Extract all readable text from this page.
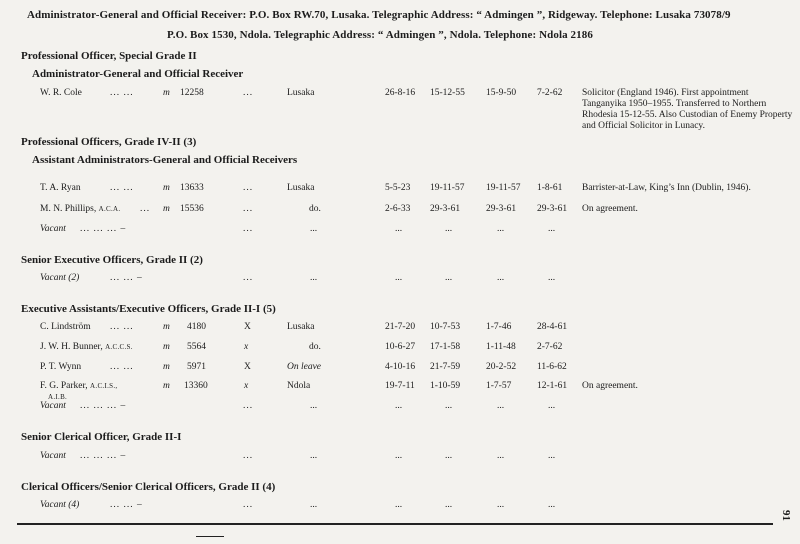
Administrator-General and Official Receiver: P.O. Box RW.70, Lusaka. Telegraphic Address: “ Admingen ”, Ridgeway. Telephone: Lusaka 73078/9
P.O. Box 1530, Ndola. Telegraphic Address: “ Admingen ”, Ndola. Telephone: Ndola 2186
Professional Officer, Special Grade II
Administrator-General and Official Receiver
W. R. Cole	... ...	m 12258	...	Lusaka	26-8-16 15-12-55 15-9-50 7-2-62 Solicitor (England 1946). First appointment Tanganyika 1950–1955. Transferred to Northern Rhodesia 15-12-55. Also Custodian of Enemy Property and Official Solicitor in Lunacy.
Professional Officers, Grade IV-II (3)
Assistant Administrators-General and Official Receivers
T. A. Ryan	... ...	m 13633	...	Lusaka	5-5-23 19-11-57 19-11-57 1-8-61 Barrister-at-Law, King’s Inn (Dublin, 1946).
M. N. Phillips, A.C.A. ... m 15536	...	do.	2-6-33 29-3-61	29-3-61 29-3-61 On agreement.
Vacant ... ... ... –	...	...	...	...	...	...
Senior Executive Officers, Grade II (2)
Vacant (2)	... ... –	...	...	...	...	...	...
Executive Assistants/Executive Officers, Grade II-I (5)
C. Lindström ... ...	m 4180	X	Lusaka	21-7-20 10-7-53	1-7-46	28-4-61
J. W. H. Bunner, A.C.C.S.	m 5564	x	do.	10-6-27 17-1-58	1-11-48 2-7-62
P. T. Wynn	... ...	m 5971	X	On leave	4-10-16 21-7-59	20-2-52 11-6-62
F. G. Parker, A.C.I.S.,	m 13360	x	Ndola	19-7-11 1-10-59	1-7-57	12-1-61 On agreement.
A.I.B.
Vacant ... ... ... –	...	...	...	...	...	...
Senior Clerical Officer, Grade II-I
Vacant ... ... ... –	...	...	...	...	...	...
Clerical Officers/Senior Clerical Officers, Grade II (4)
Vacant (4)	... ... –	...	...	...	...	...	...
91
